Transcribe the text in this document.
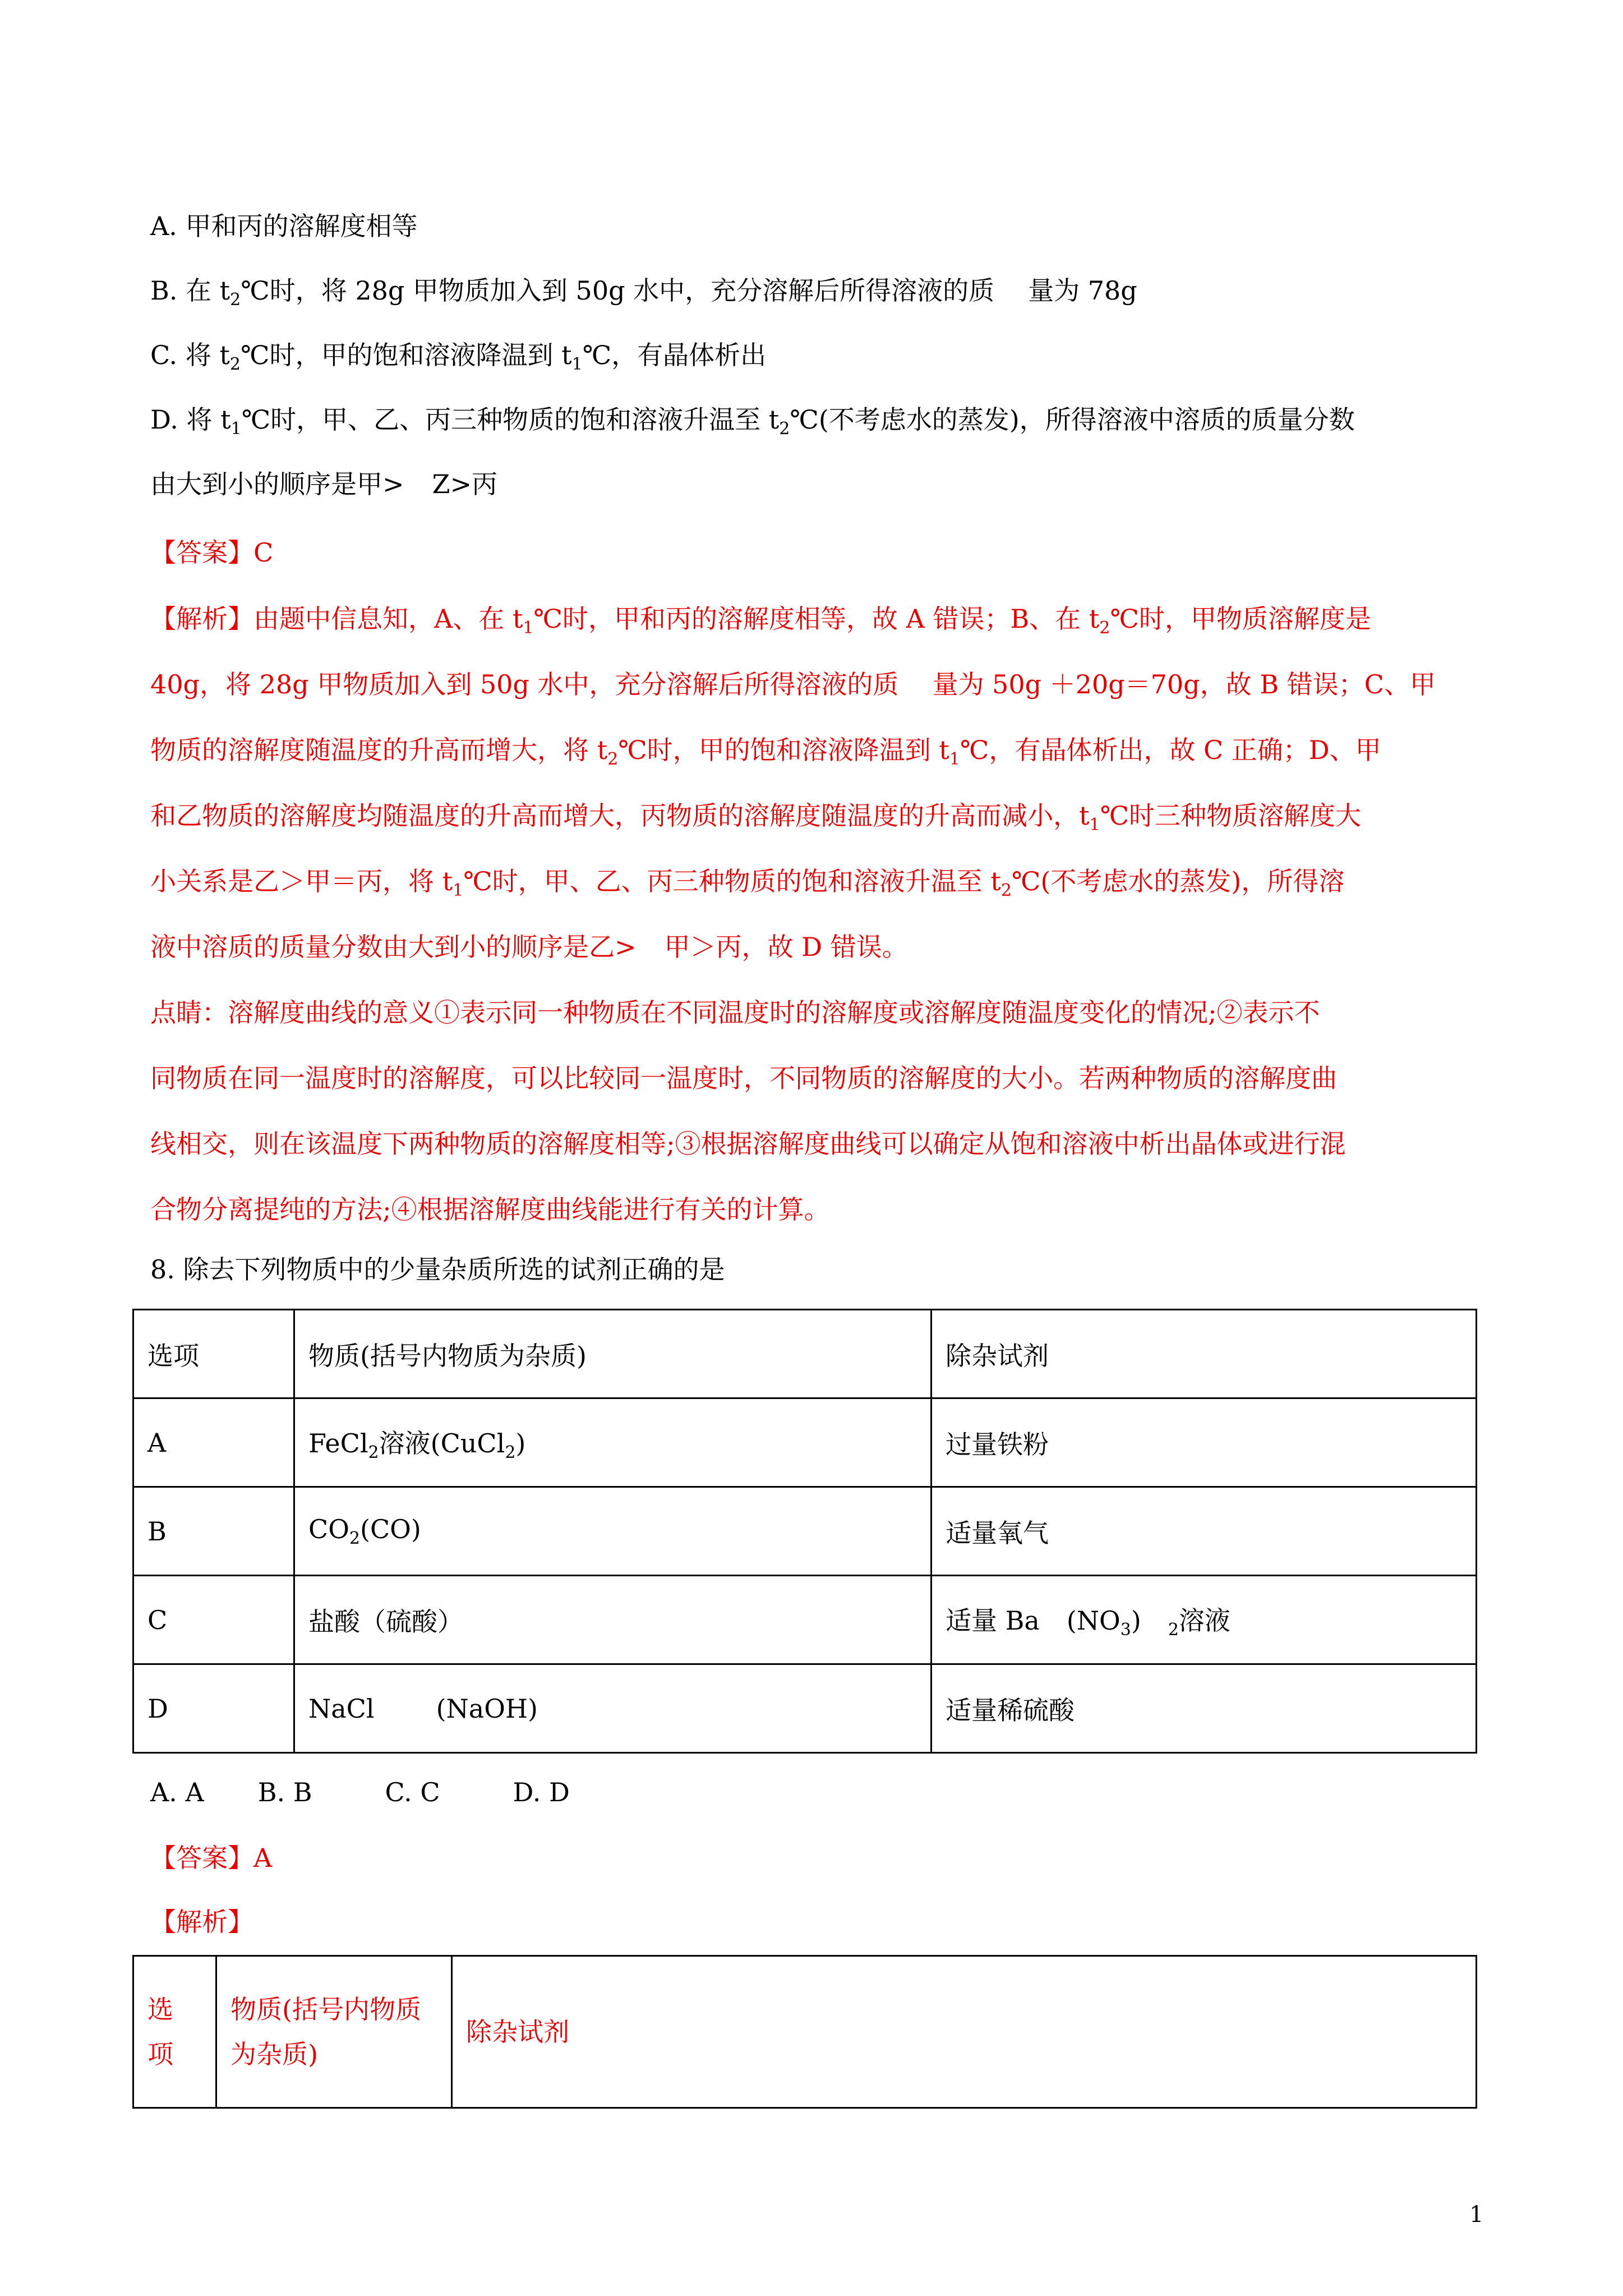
A. 甲和丙的溶解度相等
B. 在 $t_2℃$时，将 28g 甲物质加入到 50g 水中，充分溶解后所得溶液的质 量为 78g
C. 将 $t_2℃$时，甲的饱和溶液降温到 $t_1℃$，有晶体析出
D. 将 $t_1℃$时，甲、乙、丙三种物质的饱和溶液升温至 $t_2℃$(不考虑水的蒸发)，所得溶液中溶质的质量分数
由大到小的顺序是甲> Z>丙
【答案】C
【解析】由题中信息知，A、在 $t_1℃$时，甲和丙的溶解度相等，故 A 错误；B、在 $t_2℃$时，甲物质溶解度是
40g，将 28g 甲物质加入到 50g 水中，充分溶解后所得溶液的质 量为 50g ＋20g＝70g，故 B 错误；C、甲
物质的溶解度随温度的升高而增大，将 $t_2℃$时，甲的饱和溶液降温到 $t_1℃$，有晶体析出，故 C 正确；D、甲
和乙物质的溶解度均随温度的升高而增大，丙物质的溶解度随温度的升高而减小，$t_1℃$时三种物质溶解度大
小关系是乙＞甲＝丙，将 $t_1℃$时，甲、乙、丙三种物质的饱和溶液升温至 $t_2℃$(不考虑水的蒸发)，所得溶
液中溶质的质量分数由大到小的顺序是乙> 甲＞丙，故 D 错误。
点睛：溶解度曲线的意义①表示同一种物质在不同温度时的溶解度或溶解度随温度变化的情况;②表示不
同物质在同一温度时的溶解度，可以比较同一温度时，不同物质的溶解度的大小。若两种物质的溶解度曲
线相交，则在该温度下两种物质的溶解度相等;③根据溶解度曲线可以确定从饱和溶液中析出晶体或进行混
合物分离提纯的方法;④根据溶解度曲线能进行有关的计算。
8. 除去下列物质中的少量杂质所选的试剂正确的是
选项	物质(括号内物质为杂质)	除杂试剂
A	FeCl$_2$溶液(CuCl$_2$)	过量铁粉
B	$CO_2(CO)$	适量氧气
C	盐酸（硫酸）	适量 Ba $(NO_3)$ $_2$溶液
D	NaCl (NaOH)	适量稀硫酸
A. A B. B	C. C	D. D
【答案】A
【解析】
选项	物质(括号内物质为杂质)	除杂试剂
1
